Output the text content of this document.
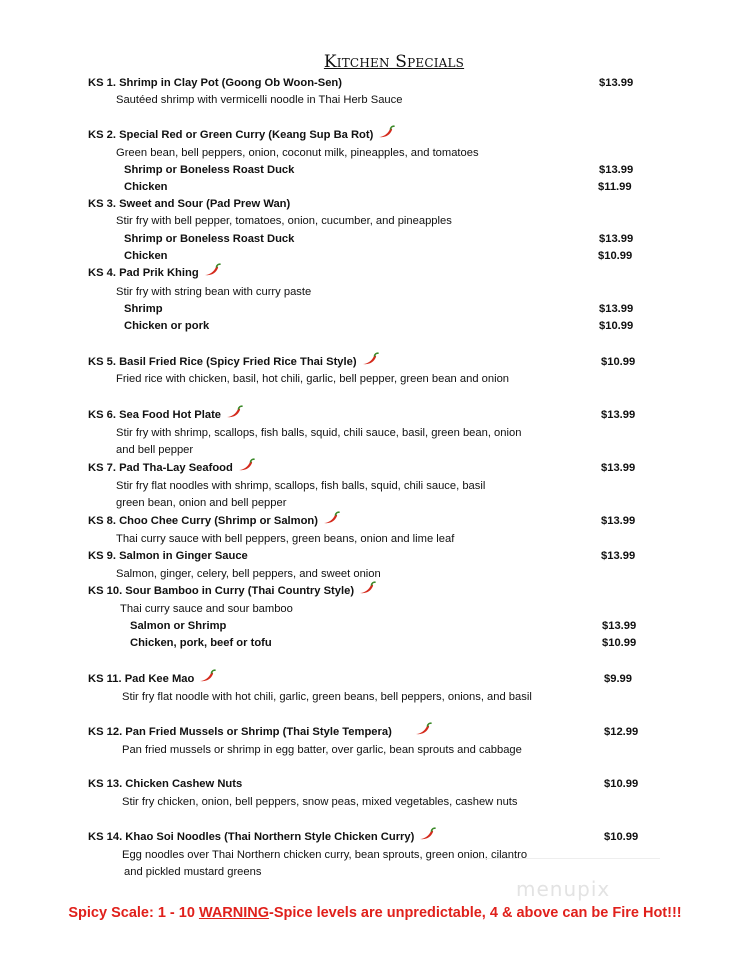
Kitchen Specials
KS 1. Shrimp in Clay Pot (Goong Ob Woon-Sen)	$13.99
Sautéed shrimp with vermicelli noodle in Thai Herb Sauce
KS 2. Special Red or Green Curry (Keang Sup Ba Rot)
Green bean, bell peppers, onion, coconut milk, pineapples, and tomatoes
Shrimp or Boneless Roast Duck	$13.99
Chicken	$11.99
KS 3. Sweet and Sour (Pad Prew Wan)
Stir fry with bell pepper, tomatoes, onion, cucumber, and pineapples
Shrimp or Boneless Roast Duck	$13.99
Chicken	$10.99
KS 4. Pad Prik Khing
Stir fry with string bean with curry paste
Shrimp	$13.99
Chicken or pork	$10.99
KS 5. Basil Fried Rice (Spicy Fried Rice Thai Style)	$10.99
Fried rice with chicken, basil, hot chili, garlic, bell pepper, green bean and onion
KS 6. Sea Food Hot Plate	$13.99
Stir fry with shrimp, scallops, fish balls, squid, chili sauce, basil, green bean, onion
and bell pepper
KS 7. Pad Tha-Lay Seafood	$13.99
Stir fry flat noodles with shrimp, scallops, fish balls, squid, chili sauce, basil
green bean, onion and bell pepper
KS 8. Choo Chee Curry (Shrimp or Salmon)	$13.99
Thai curry sauce with bell peppers, green beans, onion and lime leaf
KS 9. Salmon in Ginger Sauce	$13.99
Salmon, ginger, celery, bell peppers, and sweet onion
KS 10. Sour Bamboo in Curry (Thai Country Style)
Thai curry sauce and sour bamboo
Salmon or Shrimp	$13.99
Chicken, pork, beef or tofu	$10.99
KS 11. Pad Kee Mao	$9.99
Stir fry flat noodle with hot chili, garlic, green beans, bell peppers, onions, and basil
KS 12. Pan Fried Mussels or Shrimp (Thai Style Tempera)	$12.99
Pan fried mussels or shrimp in egg batter, over garlic, bean sprouts and cabbage
KS 13. Chicken Cashew Nuts	$10.99
Stir fry chicken, onion, bell peppers, snow peas, mixed vegetables, cashew nuts
KS 14. Khao Soi Noodles (Thai Northern Style Chicken Curry)	$10.99
Egg noodles over Thai Northern chicken curry, bean sprouts, green onion, cilantro
and pickled mustard greens
menupix
Spicy Scale: 1 - 10 WARNING-Spice levels are unpredictable, 4 & above can be Fire Hot!!!
